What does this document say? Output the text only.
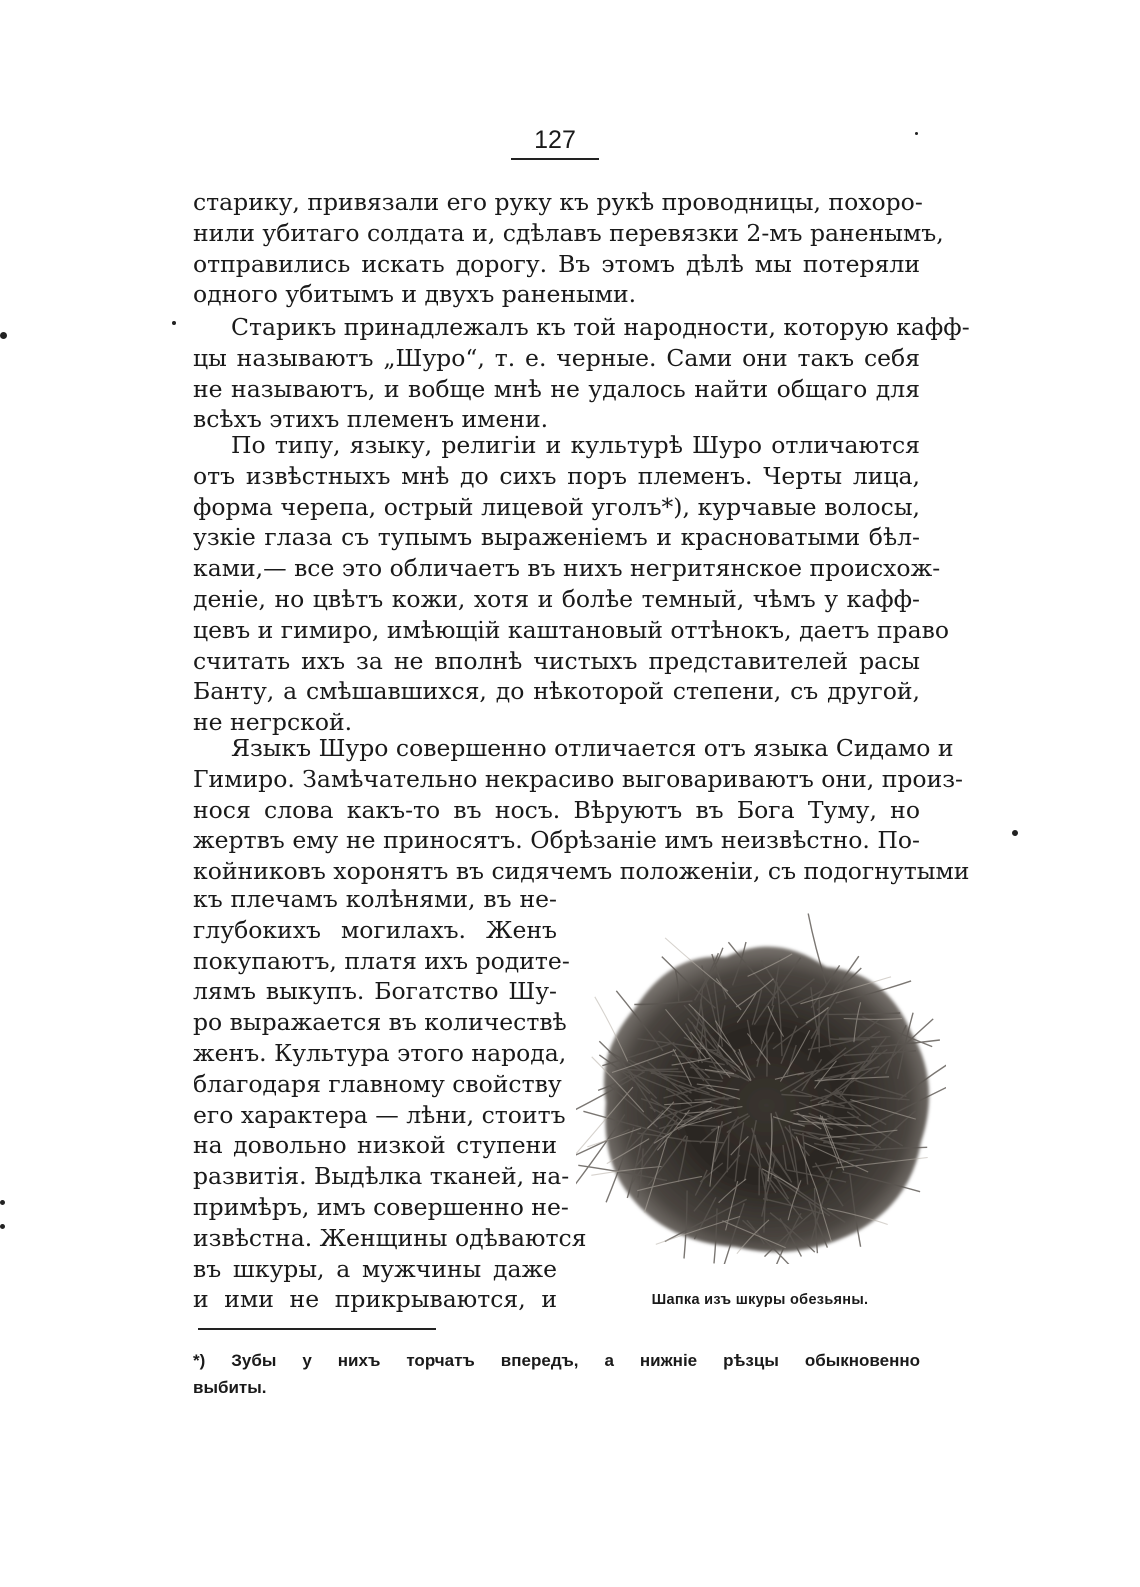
127
старику, привязали его руку къ рукѣ проводницы, похоро-
нили убитаго солдата и, сдѣлавъ перевязки 2-мъ раненымъ,
отправились искать дорогу. Въ этомъ дѣлѣ мы потеряли
одного убитымъ и двухъ ранеными.
Старикъ принадлежалъ къ той народности, которую кафф-
цы называютъ „Шуро“, т. е. черные. Сами они такъ себя
не называютъ, и вобще мнѣ не удалось найти общаго для
всѣхъ этихъ племенъ имени.
По типу, языку, религіи и культурѣ Шуро отличаются
отъ извѣстныхъ мнѣ до сихъ поръ племенъ. Черты лица,
форма черепа, острый лицевой уголъ*), курчавые волосы,
узкіе глаза съ тупымъ выраженіемъ и красноватыми бѣл-
ками,— все это обличаетъ въ нихъ негритянское происхож-
деніе, но цвѣтъ кожи, хотя и болѣе темный, чѣмъ у кафф-
цевъ и гимиро, имѣющій каштановый оттѣнокъ, даетъ право
считать ихъ за не вполнѣ чистыхъ представителей расы
Банту, а смѣшавшихся, до нѣкоторой степени, съ другой,
не негрской.
Языкъ Шуро совершенно отличается отъ языка Сидамо и
Гимиро. Замѣчательно некрасиво выговариваютъ они, произ-
нося слова какъ-то въ носъ. Вѣруютъ въ Бога Туму, но
жертвъ ему не приносятъ. Обрѣзаніе имъ неизвѣстно. По-
койниковъ хоронятъ въ сидячемъ положеніи, съ подогнутыми
къ плечамъ колѣнями, въ не-
глубокихъ могилахъ. Женъ
покупаютъ, платя ихъ родите-
лямъ выкупъ. Богатство Шу-
ро выражается въ количествѣ
женъ. Культура этого народа,
благодаря главному свойству
его характера — лѣни, стоитъ
на довольно низкой ступени
развитія. Выдѣлка тканей, на-
примѣръ, имъ совершенно не-
извѣстна. Женщины одѣваются
въ шкуры, а мужчины даже
и ими не прикрываются, и	Шапка изъ шкуры обезьяны.
*) Зубы у нихъ торчатъ впередъ, а нижніе рѣзцы обыкновенно
выбиты.
